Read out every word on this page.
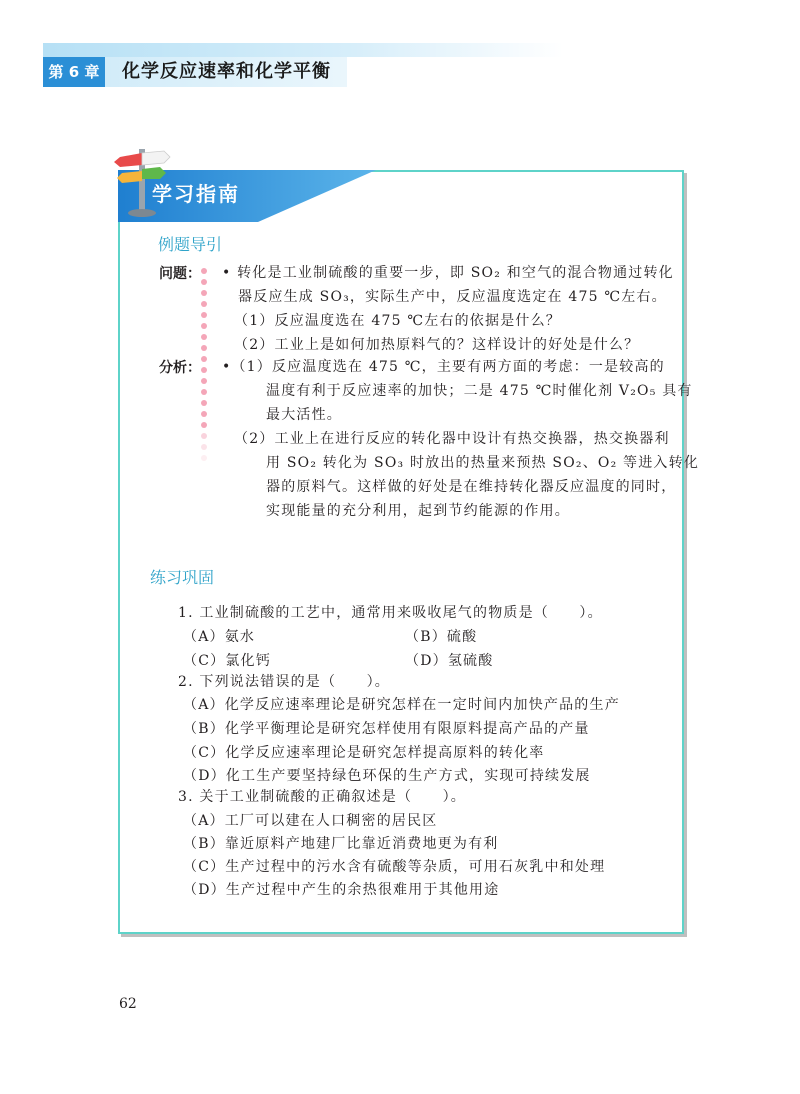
第 6 章	化学反应速率和化学平衡
学习指南
例题导引
问题：
分析：
• 转化是工业制硫酸的重要一步，即 SO₂ 和空气的混合物通过转化
器反应生成 SO₃，实际生产中，反应温度选定在 475 ℃左右。
（1）反应温度选在 475 ℃左右的依据是什么？
（2）工业上是如何加热原料气的？这样设计的好处是什么？
•（1）反应温度选在 475 ℃，主要有两方面的考虑：一是较高的
温度有利于反应速率的加快；二是 475 ℃时催化剂 V₂O₅ 具有
最大活性。
（2）工业上在进行反应的转化器中设计有热交换器，热交换器利
用 SO₂ 转化为 SO₃ 时放出的热量来预热 SO₂、O₂ 等进入转化
器的原料气。这样做的好处是在维持转化器反应温度的同时，
实现能量的充分利用，起到节约能源的作用。
练习巩固
1. 工业制硫酸的工艺中，通常用来吸收尾气的物质是（　　）。
（A）氨水	（B）硫酸
（C）氯化钙	（D）氢硫酸
2. 下列说法错误的是（　　）。
（A）化学反应速率理论是研究怎样在一定时间内加快产品的生产
（B）化学平衡理论是研究怎样使用有限原料提高产品的产量
（C）化学反应速率理论是研究怎样提高原料的转化率
（D）化工生产要坚持绿色环保的生产方式，实现可持续发展
3. 关于工业制硫酸的正确叙述是（　　）。
（A）工厂可以建在人口稠密的居民区
（B）靠近原料产地建厂比靠近消费地更为有利
（C）生产过程中的污水含有硫酸等杂质，可用石灰乳中和处理
（D）生产过程中产生的余热很难用于其他用途
62
